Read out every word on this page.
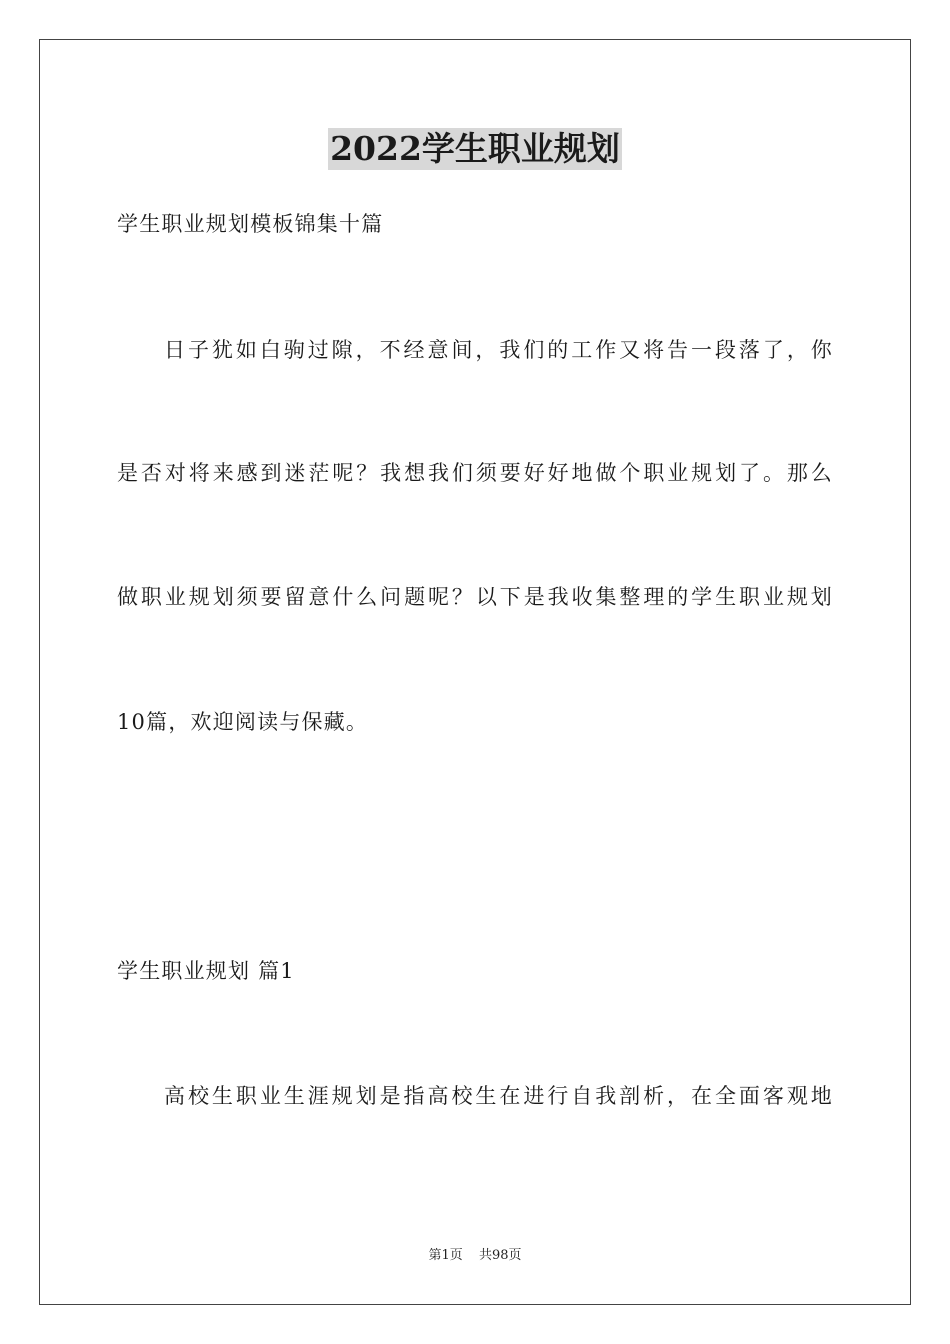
2022学生职业规划
学生职业规划模板锦集十篇
日子犹如白驹过隙，不经意间，我们的工作又将告一段落了，你
是否对将来感到迷茫呢？我想我们须要好好地做个职业规划了。那么
做职业规划须要留意什么问题呢？以下是我收集整理的学生职业规划
10篇，欢迎阅读与保藏。
学生职业规划 篇1
高校生职业生涯规划是指高校生在进行自我剖析，在全面客观地
第1页 共98页
